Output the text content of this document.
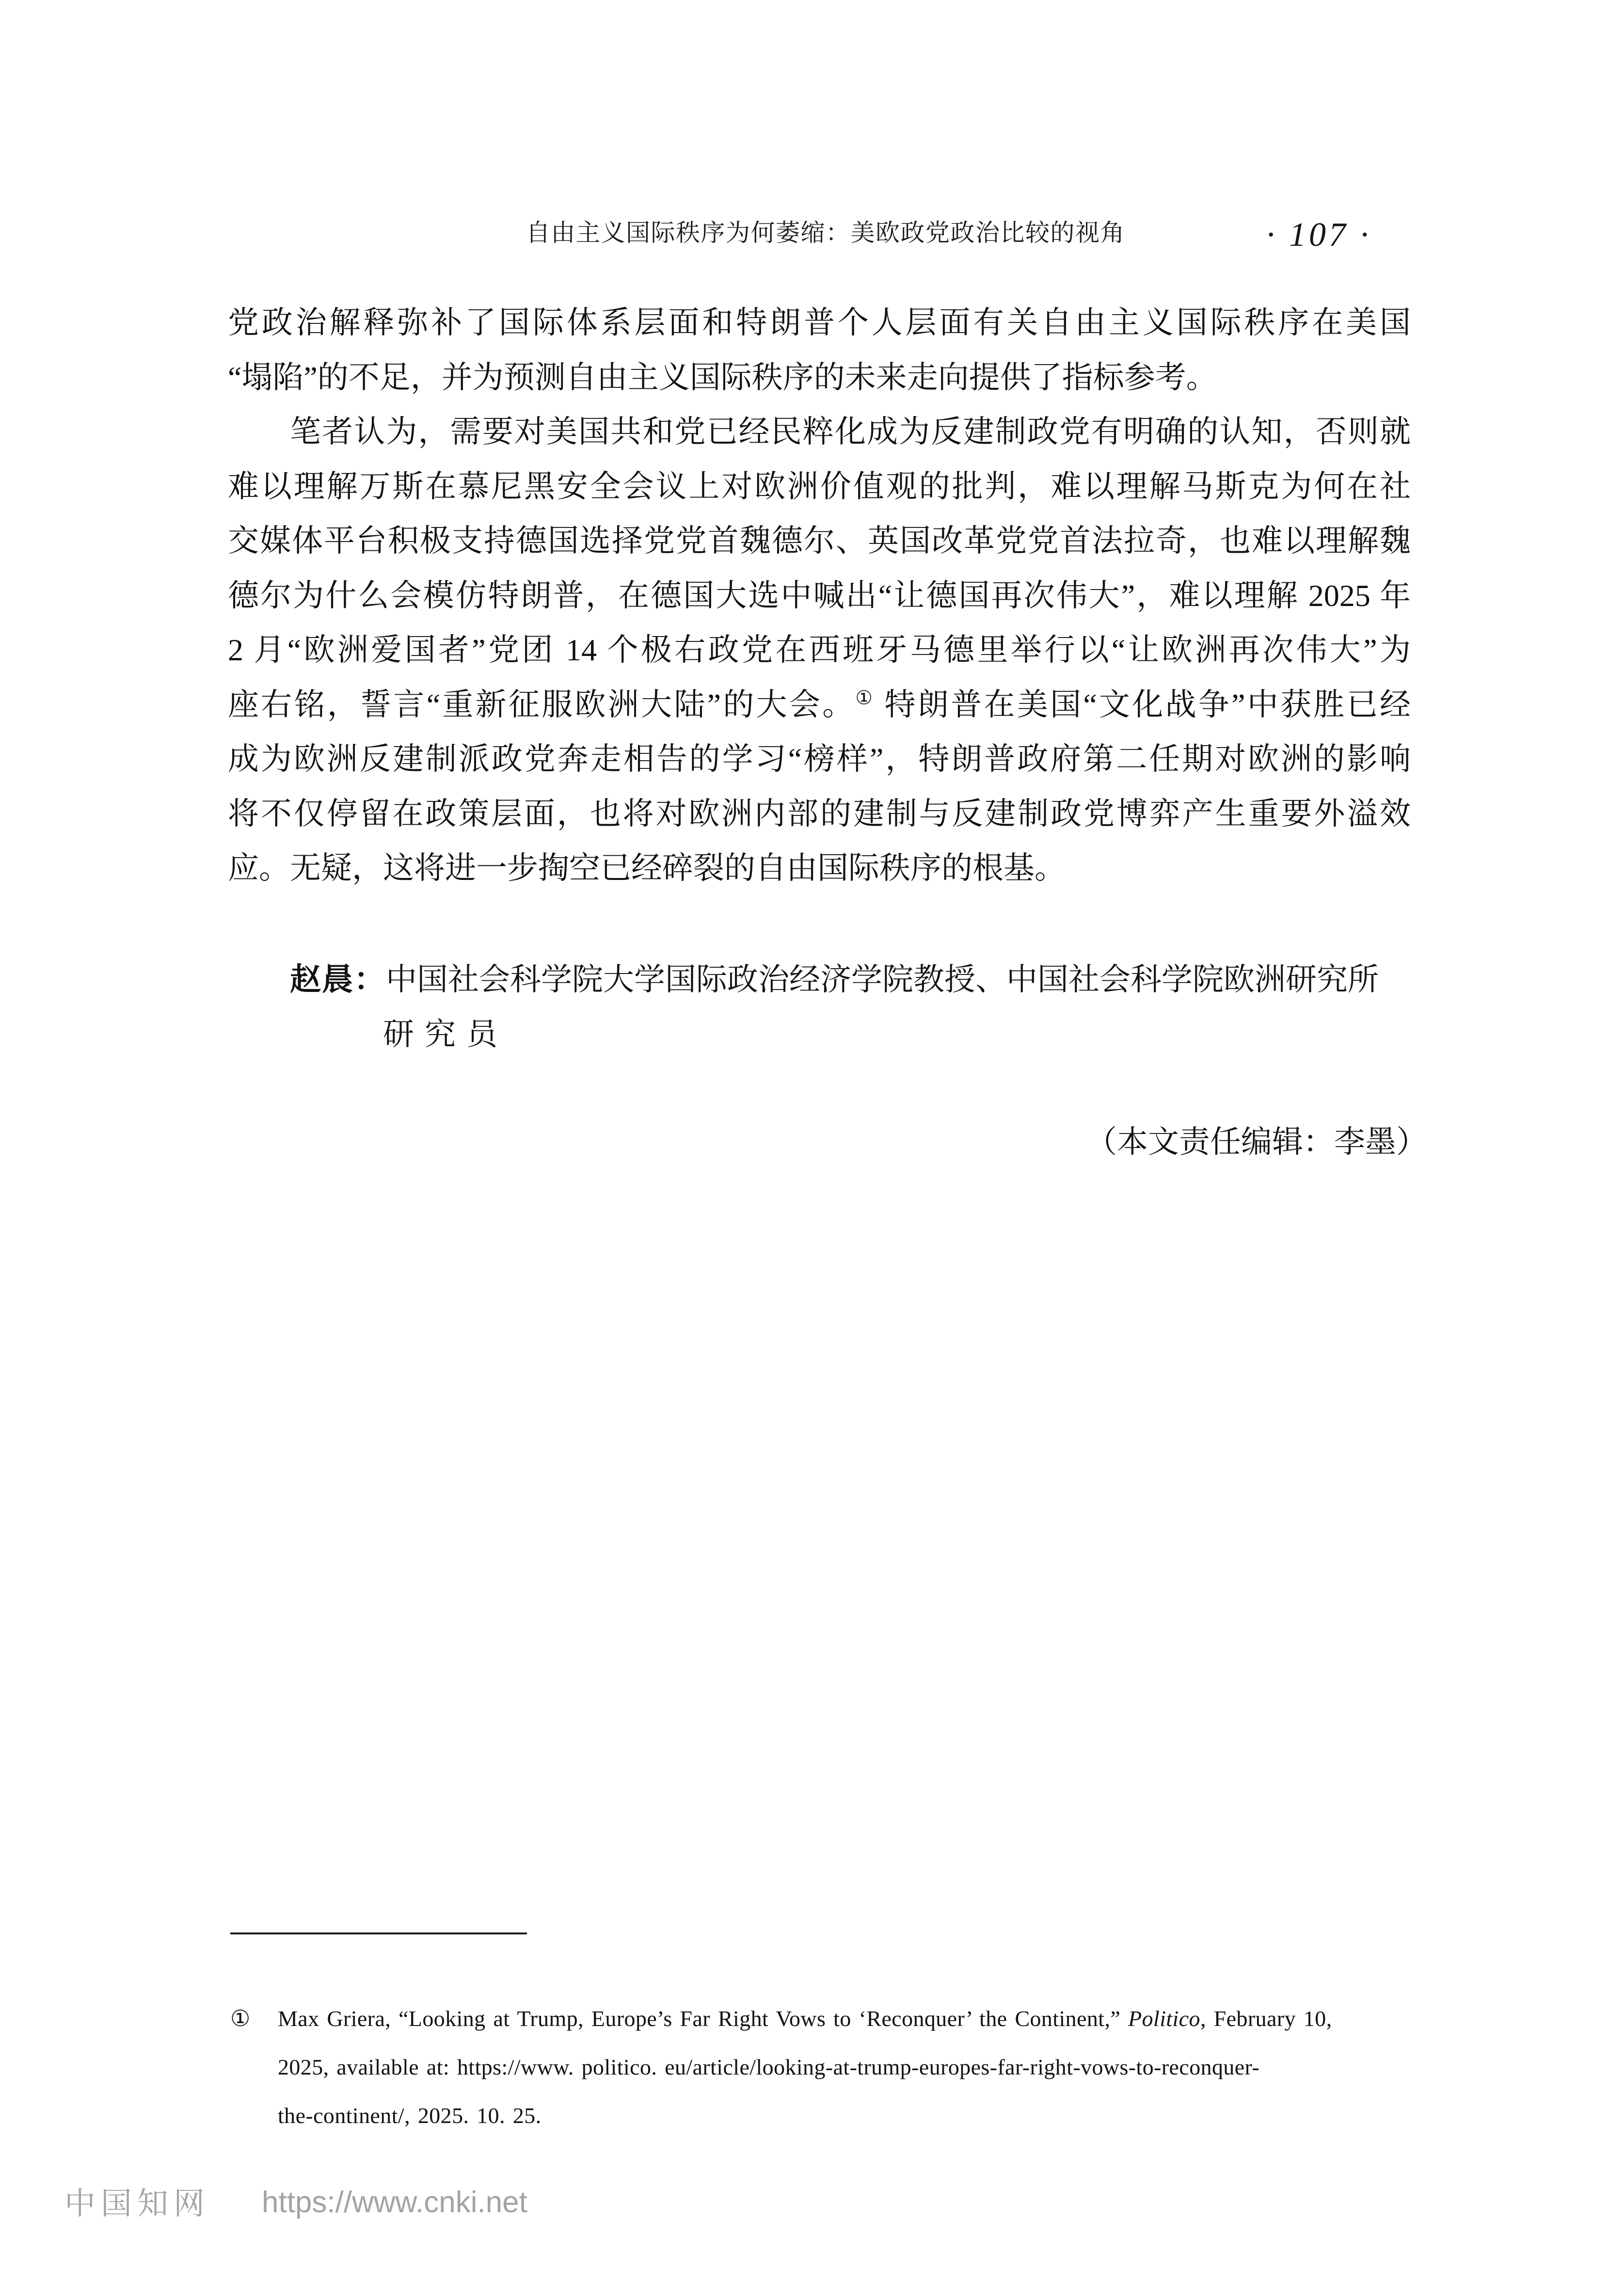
自由主义国际秩序为何萎缩：美欧政党政治比较的视角	· 107 ·
党政治解释弥补了国际体系层面和特朗普个人层面有关自由主义国际秩序在美国
“塌陷”的不足，并为预测自由主义国际秩序的未来走向提供了指标参考。
笔者认为，需要对美国共和党已经民粹化成为反建制政党有明确的认知，否则就
难以理解万斯在慕尼黑安全会议上对欧洲价值观的批判，难以理解马斯克为何在社
交媒体平台积极支持德国选择党党首魏德尔、英国改革党党首法拉奇，也难以理解魏
德尔为什么会模仿特朗普，在德国大选中喊出“让德国再次伟大”，难以理解 2025 年
2 月“欧洲爱国者”党团 14 个极右政党在西班牙马德里举行以“让欧洲再次伟大”为
座右铭，誓言“重新征服欧洲大陆”的大会。① 特朗普在美国“文化战争”中获胜已经
成为欧洲反建制派政党奔走相告的学习“榜样”，特朗普政府第二任期对欧洲的影响
将不仅停留在政策层面，也将对欧洲内部的建制与反建制政党博弈产生重要外溢效
应。无疑，这将进一步掏空已经碎裂的自由国际秩序的根基。
赵晨：中国社会科学院大学国际政治经济学院教授、中国社会科学院欧洲研究所
研究员
（本文责任编辑：李墨）
① Max Griera, “Looking at Trump, Europe’s Far Right Vows to ‘Reconquer’ the Continent,” Politico, February 10,
2025, available at: https://www. politico. eu/article/looking-at-trump-europes-far-right-vows-to-reconquer-
the-continent/, 2025. 10. 25.
中国知网 https://www.cnki.net
